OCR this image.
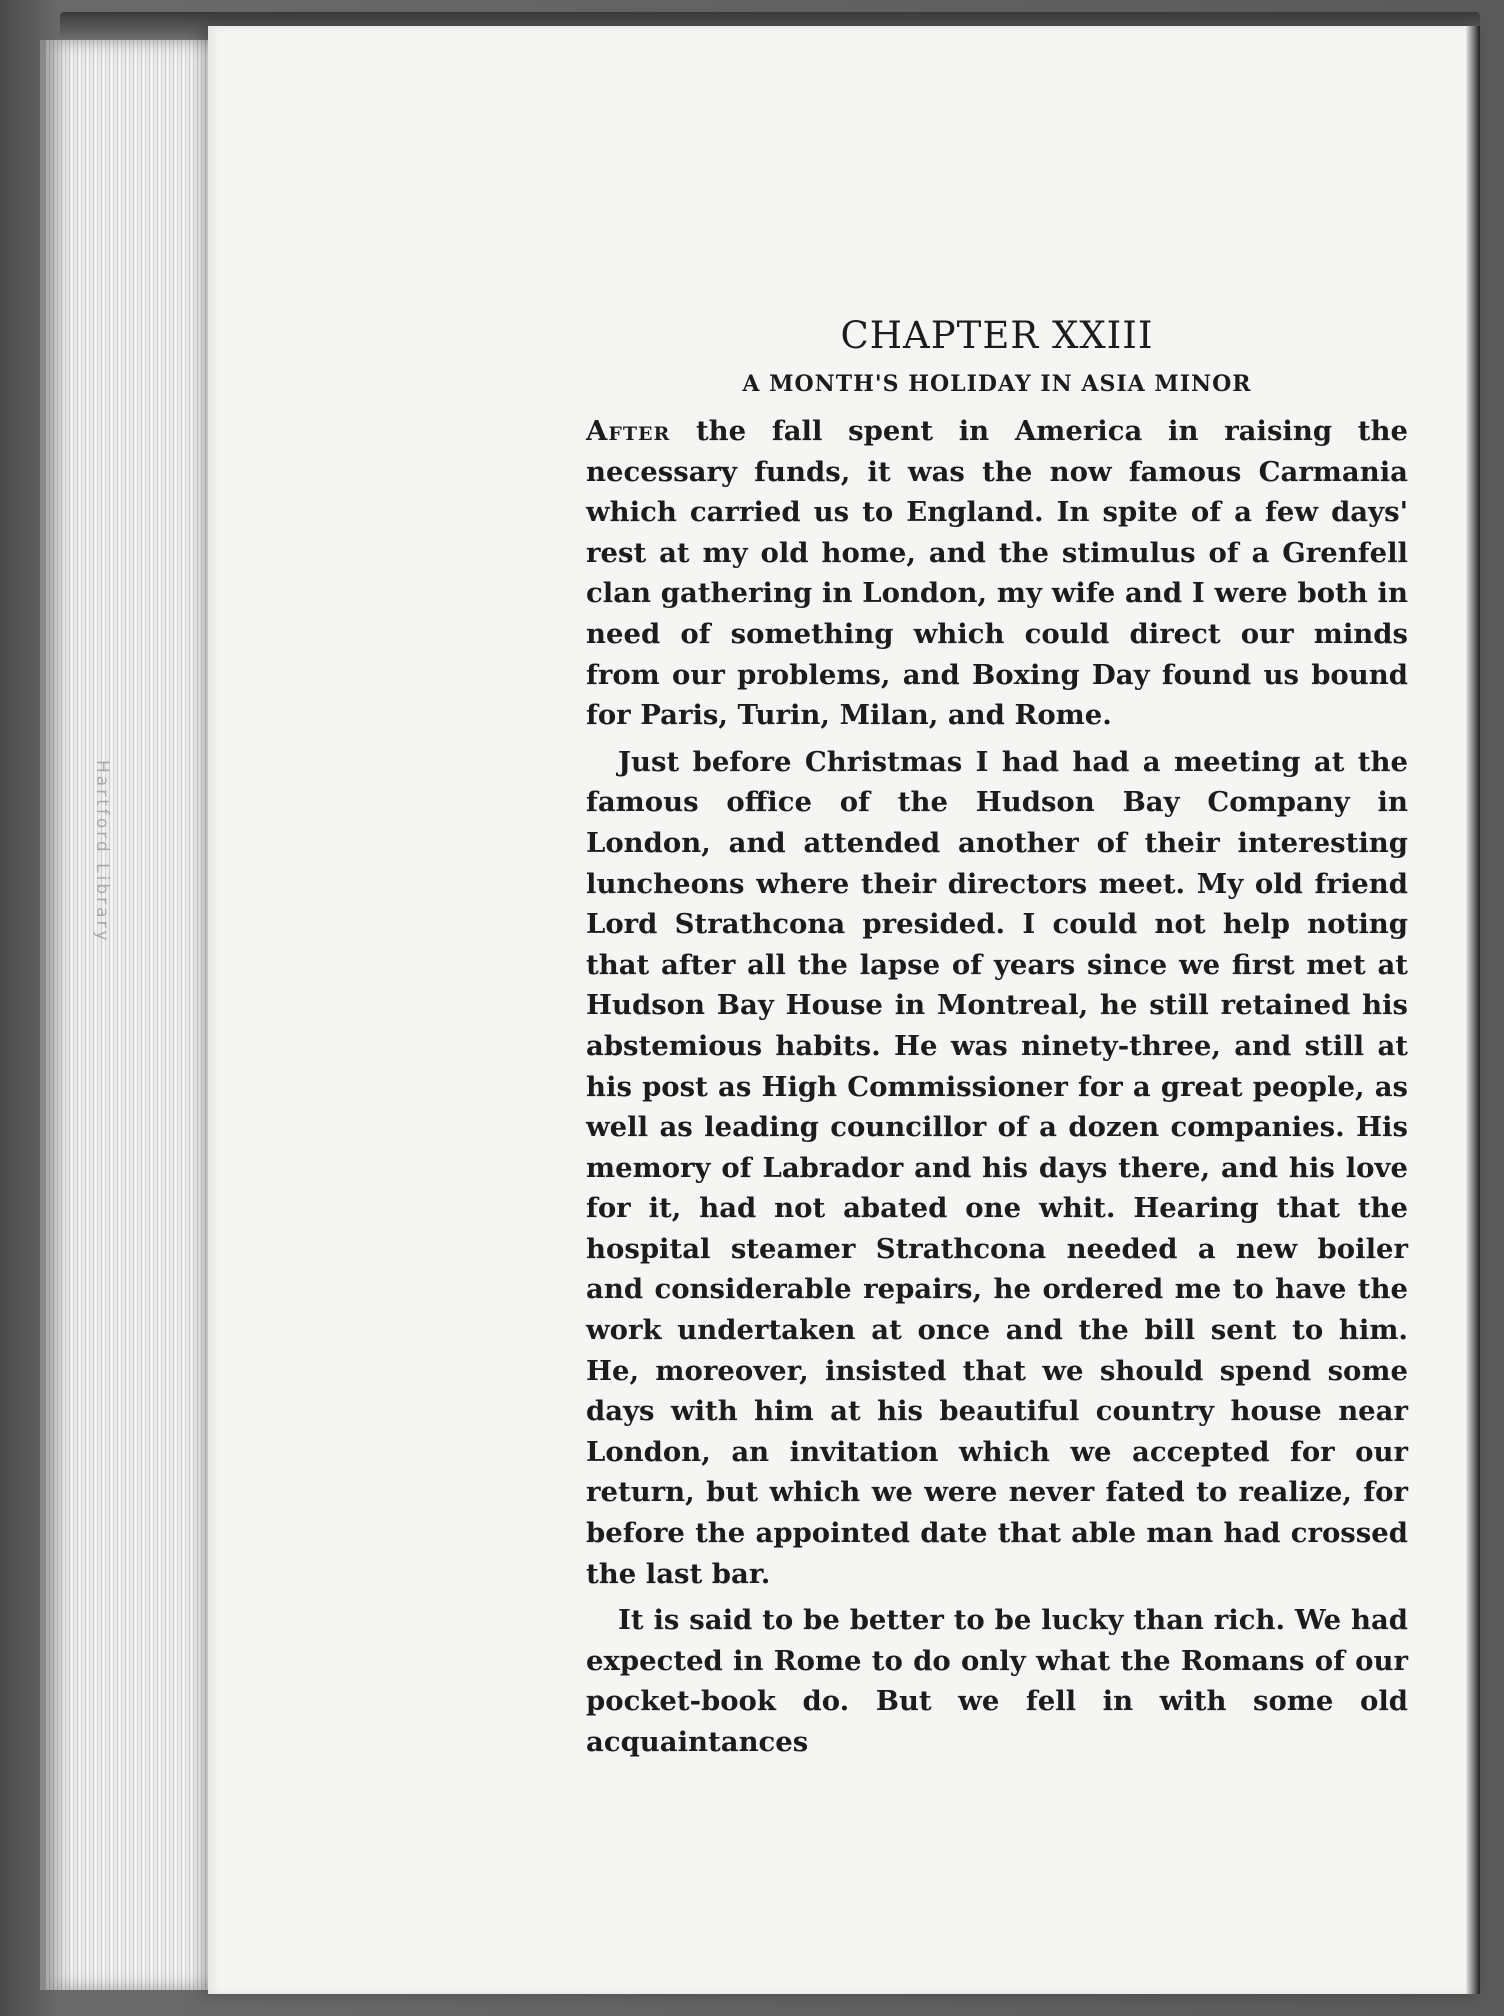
Hartford Library
CHAPTER XXIII
A MONTH'S HOLIDAY IN ASIA MINOR

After the fall spent in America in raising the necessary funds, it was the now famous Carmania which carried us to England. In spite of a few days' rest at my old home, and the stimulus of a Grenfell clan gathering in London, my wife and I were both in need of something which could direct our minds from our problems, and Boxing Day found us bound for Paris, Turin, Milan, and Rome.

Just before Christmas I had had a meeting at the famous office of the Hudson Bay Company in London, and attended another of their interesting luncheons where their directors meet. My old friend Lord Strathcona presided. I could not help noting that after all the lapse of years since we first met at Hudson Bay House in Montreal, he still retained his abstemious habits. He was ninety-three, and still at his post as High Commissioner for a great people, as well as leading councillor of a dozen companies. His memory of Labrador and his days there, and his love for it, had not abated one whit. Hearing that the hospital steamer Strathcona needed a new boiler and considerable repairs, he ordered me to have the work undertaken at once and the bill sent to him. He, moreover, insisted that we should spend some days with him at his beautiful country house near London, an invitation which we accepted for our return, but which we were never fated to realize, for before the appointed date that able man had crossed the last bar.

It is said to be better to be lucky than rich. We had expected in Rome to do only what the Romans of our pocket-book do. But we fell in with some old acquaintances
